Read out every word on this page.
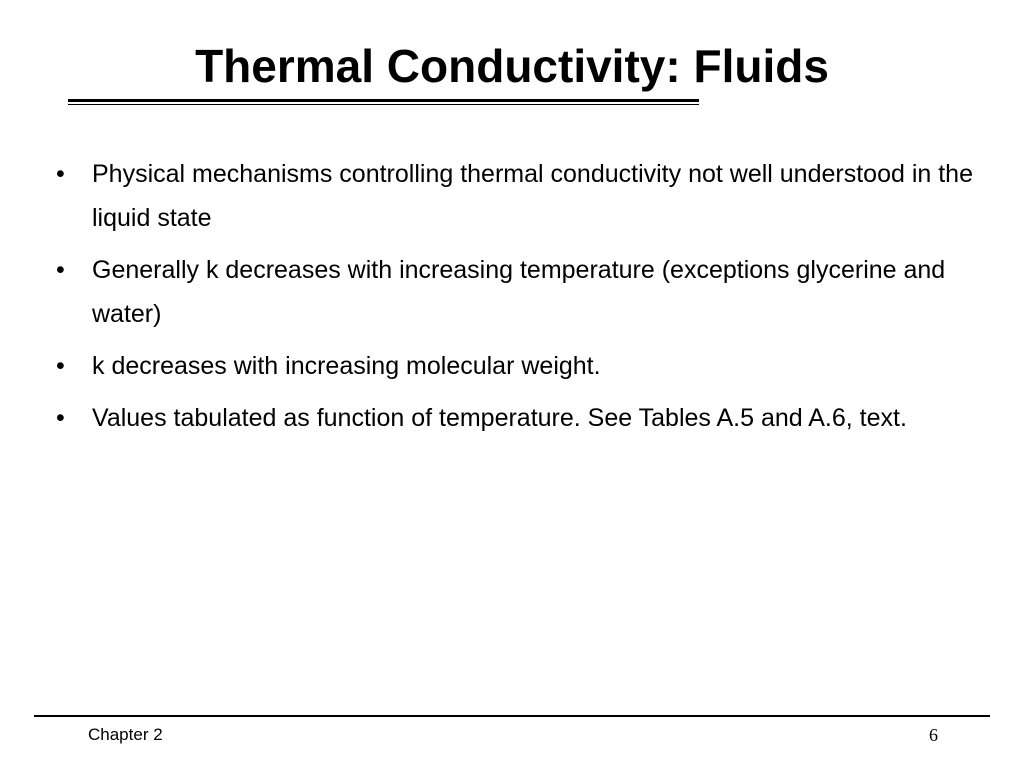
Thermal Conductivity: Fluids
• Physical mechanisms controlling thermal conductivity not well understood in the liquid state
• Generally k decreases with increasing temperature (exceptions glycerine and water)
• k decreases with increasing molecular weight.
• Values tabulated as function of temperature. See Tables A.5 and A.6, text.
Chapter 2	6
